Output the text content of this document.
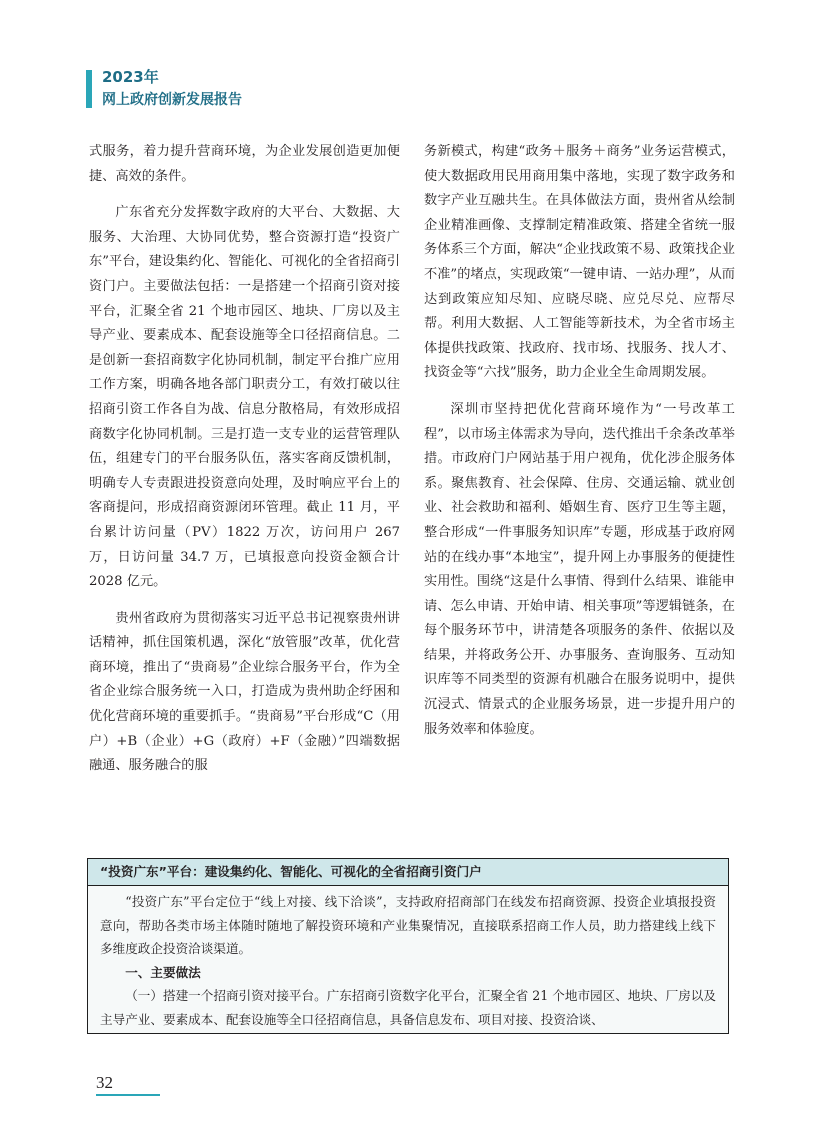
2023年
网上政府创新发展报告

式服务，着力提升营商环境，为企业发展创造更加便捷、高效的条件。

广东省充分发挥数字政府的大平台、大数据、大服务、大治理、大协同优势，整合资源打造“投资广东”平台，建设集约化、智能化、可视化的全省招商引资门户。主要做法包括：一是搭建一个招商引资对接平台，汇聚全省 21 个地市园区、地块、厂房以及主导产业、要素成本、配套设施等全口径招商信息。二是创新一套招商数字化协同机制，制定平台推广应用工作方案，明确各地各部门职责分工，有效打破以往招商引资工作各自为战、信息分散格局，有效形成招商数字化协同机制。三是打造一支专业的运营管理队伍，组建专门的平台服务队伍，落实客商反馈机制，明确专人专责跟进投资意向处理，及时响应平台上的客商提问，形成招商资源闭环管理。截止 11 月，平台累计访问量（PV）1822 万次，访问用户 267 万，日访问量 34.7 万，已填报意向投资金额合计 2028 亿元。

贵州省政府为贯彻落实习近平总书记视察贵州讲话精神，抓住国策机遇，深化“放管服”改革，优化营商环境，推出了“贵商易”企业综合服务平台，作为全省企业综合服务统一入口，打造成为贵州助企纾困和优化营商环境的重要抓手。“贵商易”平台形成“C（用户）+B（企业）+G（政府）+F（金融）”四端数据融通、服务融合的服

务新模式，构建“政务＋服务＋商务”业务运营模式，使大数据政用民用商用集中落地，实现了数字政务和数字产业互融共生。在具体做法方面，贵州省从绘制企业精准画像、支撑制定精准政策、搭建全省统一服务体系三个方面，解决“企业找政策不易、政策找企业不准”的堵点，实现政策“一键申请、一站办理”，从而达到政策应知尽知、应晓尽晓、应兑尽兑、应帮尽帮。利用大数据、人工智能等新技术，为全省市场主体提供找政策、找政府、找市场、找服务、找人才、找资金等“六找”服务，助力企业全生命周期发展。

深圳市坚持把优化营商环境作为“一号改革工程”，以市场主体需求为导向，迭代推出千余条改革举措。市政府门户网站基于用户视角，优化涉企服务体系。聚焦教育、社会保障、住房、交通运输、就业创业、社会救助和福利、婚姻生育、医疗卫生等主题，整合形成“一件事服务知识库”专题，形成基于政府网站的在线办事“本地宝”，提升网上办事服务的便捷性实用性。围绕“这是什么事情、得到什么结果、谁能申请、怎么申请、开始申请、相关事项”等逻辑链条，在每个服务环节中，讲清楚各项服务的条件、依据以及结果，并将政务公开、办事服务、查询服务、互动知识库等不同类型的资源有机融合在服务说明中，提供沉浸式、情景式的企业服务场景，进一步提升用户的服务效率和体验度。

“投资广东”平台：建设集约化、智能化、可视化的全省招商引资门户

“投资广东”平台定位于“线上对接、线下洽谈”，支持政府招商部门在线发布招商资源、投资企业填报投资意向，帮助各类市场主体随时随地了解投资环境和产业集聚情况，直接联系招商工作人员，助力搭建线上线下多维度政企投资洽谈渠道。

一、主要做法

（一）搭建一个招商引资对接平台。广东招商引资数字化平台，汇聚全省 21 个地市园区、地块、厂房以及主导产业、要素成本、配套设施等全口径招商信息，具备信息发布、项目对接、投资洽谈、

32
